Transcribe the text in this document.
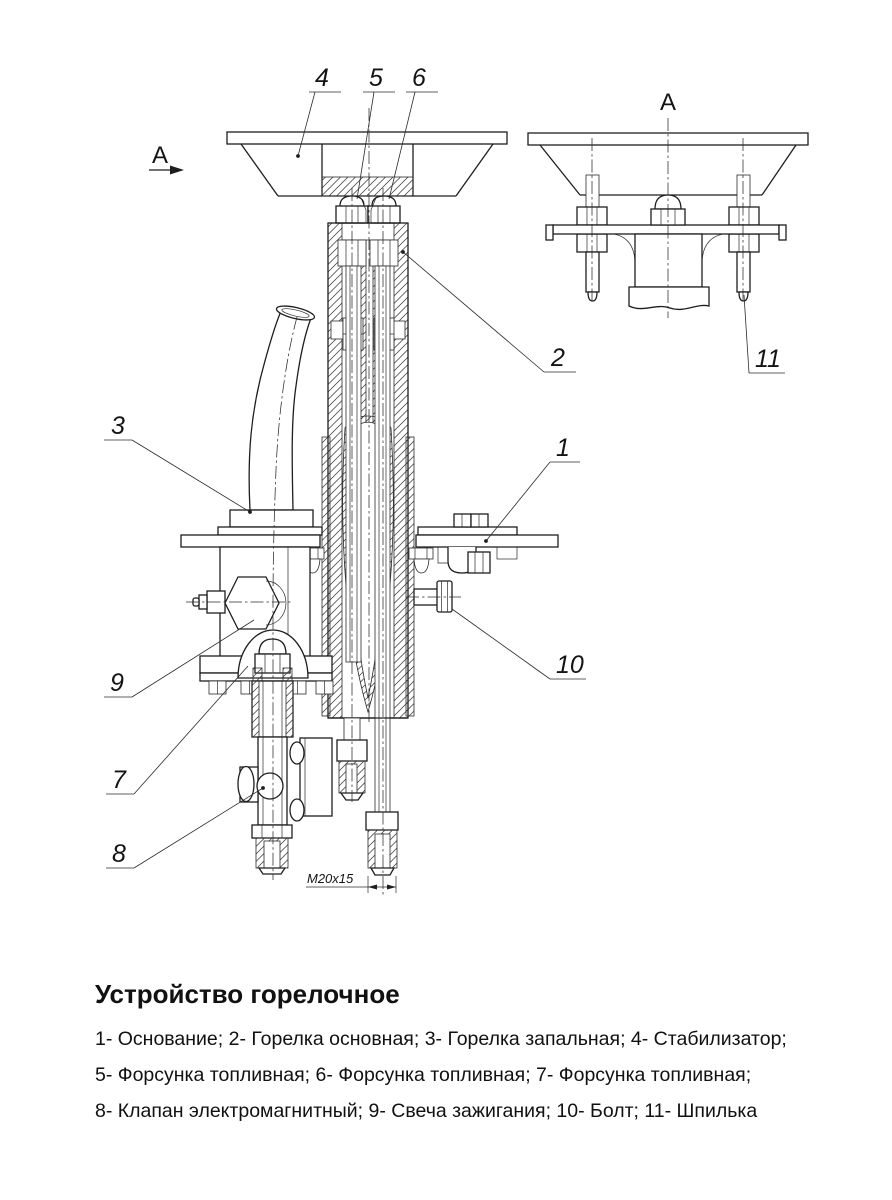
A
A
M20x15
4 5 6
3
2
1
10
9
7
8
11
Устройство горелочное
1- Основание; 2- Горелка основная; 3- Горелка запальная; 4- Стабилизатор;
5- Форсунка топливная; 6- Форсунка топливная; 7- Форсунка топливная;
8- Клапан электромагнитный; 9- Свеча зажигания; 10- Болт; 11- Шпилька
